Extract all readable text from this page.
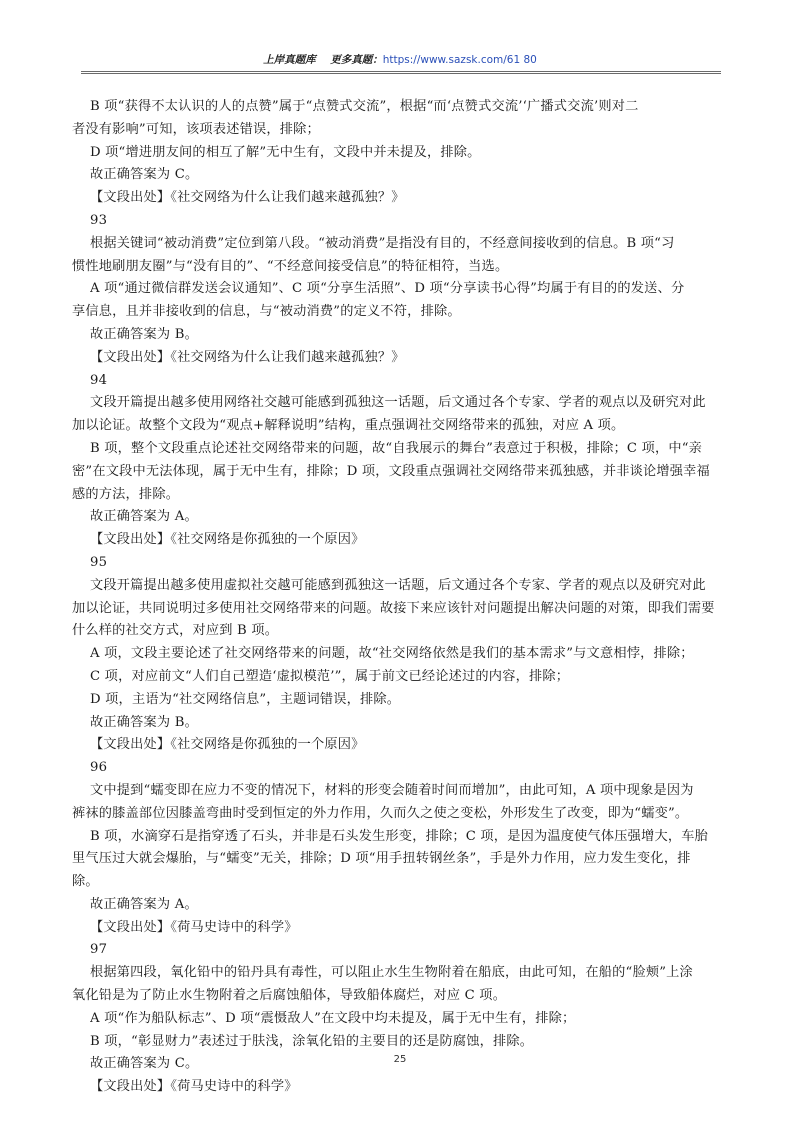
上岸真题库 更多真题：https://www.sazsk.com/61 80
B 项“获得不太认识的人的点赞”属于“点赞式交流”，根据“而‘点赞式交流’‘广播式交流’则对二
者没有影响”可知，该项表述错误，排除；
D 项“增进朋友间的相互了解”无中生有，文段中并未提及，排除。
故正确答案为 C。
【文段出处】《社交网络为什么让我们越来越孤独？》
93
根据关键词“被动消费”定位到第八段。“被动消费”是指没有目的，不经意间接收到的信息。B 项“习
惯性地刷朋友圈”与“没有目的”、“不经意间接受信息”的特征相符，当选。
A 项“通过微信群发送会议通知”、C 项“分享生活照”、D 项“分享读书心得”均属于有目的的发送、分
享信息，且并非接收到的信息，与“被动消费”的定义不符，排除。
故正确答案为 B。
【文段出处】《社交网络为什么让我们越来越孤独？》
94
文段开篇提出越多使用网络社交越可能感到孤独这一话题，后文通过各个专家、学者的观点以及研究对此
加以论证。故整个文段为“观点+解释说明”结构，重点强调社交网络带来的孤独，对应 A 项。
B 项，整个文段重点论述社交网络带来的问题，故“自我展示的舞台”表意过于积极，排除；C 项，中“亲
密”在文段中无法体现，属于无中生有，排除；D 项，文段重点强调社交网络带来孤独感，并非谈论增强幸福
感的方法，排除。
故正确答案为 A。
【文段出处】《社交网络是你孤独的一个原因》
95
文段开篇提出越多使用虚拟社交越可能感到孤独这一话题，后文通过各个专家、学者的观点以及研究对此
加以论证，共同说明过多使用社交网络带来的问题。故接下来应该针对问题提出解决问题的对策，即我们需要
什么样的社交方式，对应到 B 项。
A 项，文段主要论述了社交网络带来的问题，故“社交网络依然是我们的基本需求”与文意相悖，排除；
C 项，对应前文“人们自己塑造‘虚拟模范’”，属于前文已经论述过的内容，排除；
D 项，主语为“社交网络信息”，主题词错误，排除。
故正确答案为 B。
【文段出处】《社交网络是你孤独的一个原因》
96
文中提到“蠕变即在应力不变的情况下，材料的形变会随着时间而增加”，由此可知，A 项中现象是因为
裤袜的膝盖部位因膝盖弯曲时受到恒定的外力作用，久而久之使之变松，外形发生了改变，即为“蠕变”。
B 项，水滴穿石是指穿透了石头，并非是石头发生形变，排除；C 项，是因为温度使气体压强增大，车胎
里气压过大就会爆胎，与“蠕变”无关，排除；D 项“用手扭转钢丝条”，手是外力作用，应力发生变化，排
除。
故正确答案为 A。
【文段出处】《荷马史诗中的科学》
97
根据第四段，氧化铅中的铅丹具有毒性，可以阻止水生生物附着在船底，由此可知，在船的“脸颊”上涂
氧化铅是为了防止水生物附着之后腐蚀船体，导致船体腐烂，对应 C 项。
A 项“作为船队标志”、D 项“震慑敌人”在文段中均未提及，属于无中生有，排除；
B 项，“彰显财力”表述过于肤浅，涂氧化铅的主要目的还是防腐蚀，排除。
故正确答案为 C。
【文段出处】《荷马史诗中的科学》
25
